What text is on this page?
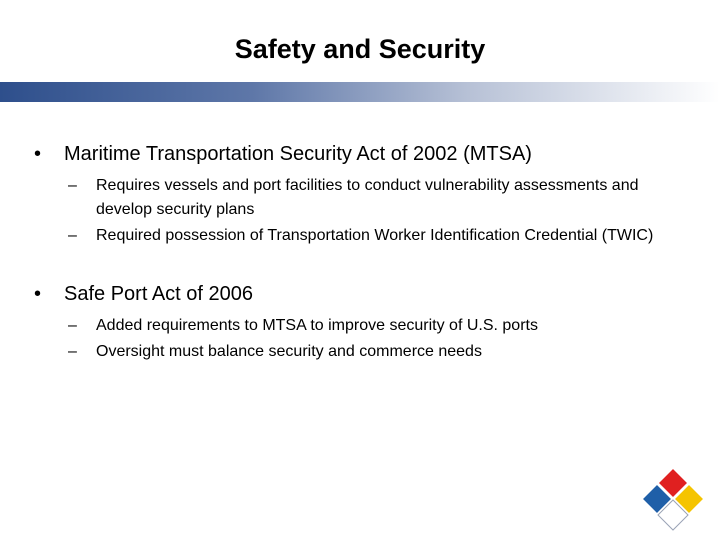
Safety and Security
• Maritime Transportation Security Act of 2002 (MTSA)
– Requires vessels and port facilities to conduct vulnerability assessments and develop security plans
– Required possession of Transportation Worker Identification Credential (TWIC)
• Safe Port Act of 2006
– Added requirements to MTSA to improve security of U.S. ports
– Oversight must balance security and commerce needs
43
